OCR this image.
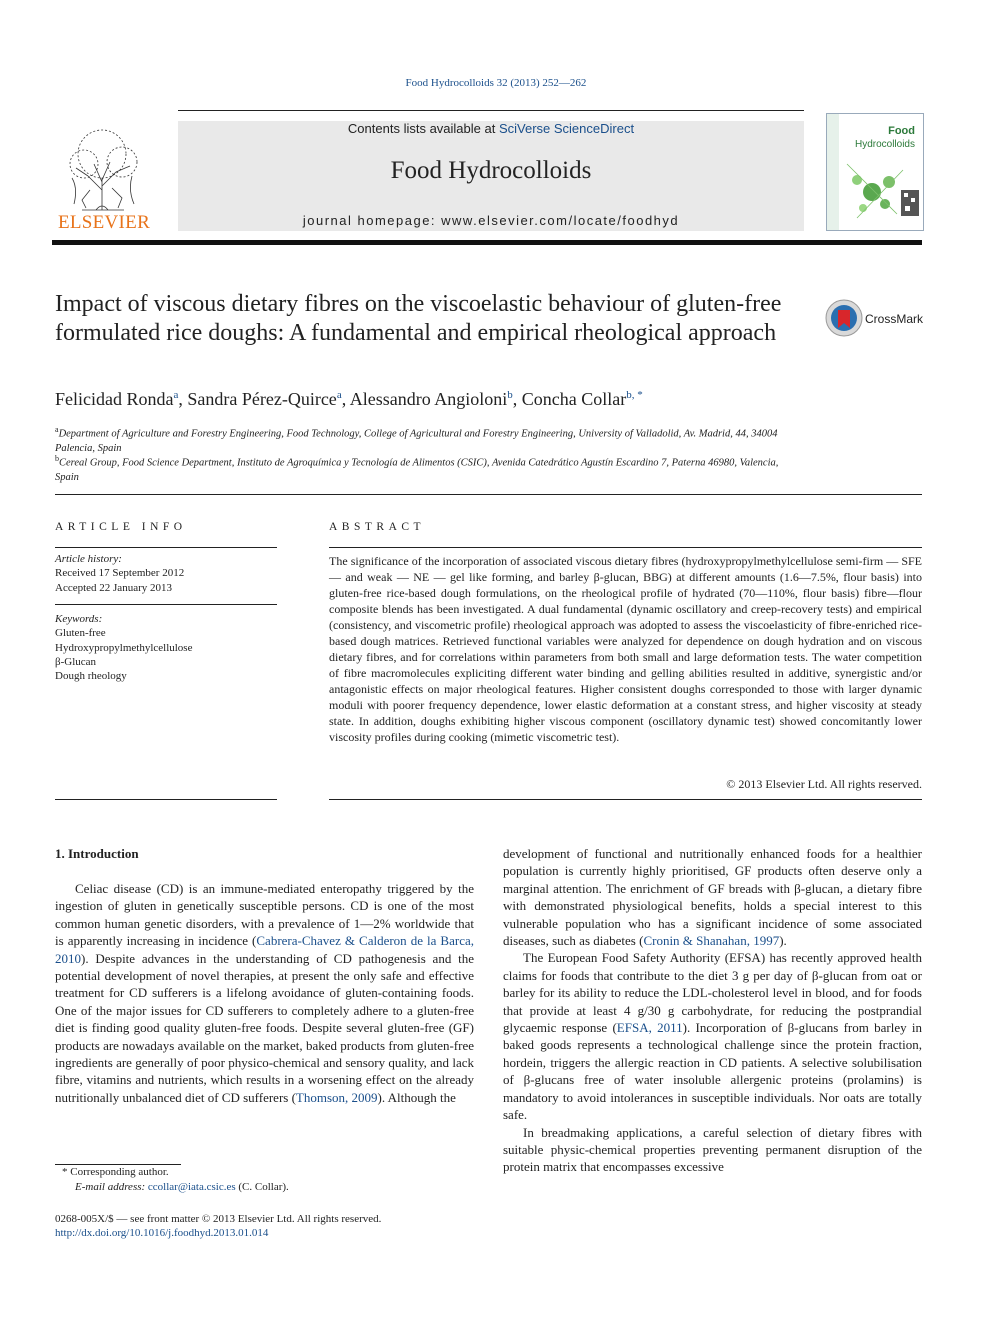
Food Hydrocolloids 32 (2013) 252—262
ELSEVIER
Contents lists available at SciVerse ScienceDirect
Food Hydrocolloids
journal homepage: www.elsevier.com/locate/foodhyd
Food
Hydrocolloids
Impact of viscous dietary fibres on the viscoelastic behaviour of gluten-free formulated rice doughs: A fundamental and empirical rheological approach
CrossMark
Felicidad Ronda$^a$, Sandra Pérez-Quirce$^a$, Alessandro Angioloni$^b$, Concha Collar$^{b, *}$
$^a$Department of Agriculture and Forestry Engineering, Food Technology, College of Agricultural and Forestry Engineering, University of Valladolid, Av. Madrid, 44, 34004 Palencia, Spain
$^b$Cereal Group, Food Science Department, Instituto de Agroquímica y Tecnología de Alimentos (CSIC), Avenida Catedrático Agustín Escardino 7, Paterna 46980, Valencia, Spain
ARTICLE INFO	ABSTRACT
Article history:
Received 17 September 2012
Accepted 22 January 2013
Keywords:
Gluten-free
Hydroxypropylmethylcellulose
β-Glucan
Dough rheology
The significance of the incorporation of associated viscous dietary fibres (hydroxypropylmethylcellulose semi-firm — SFE — and weak — NE — gel like forming, and barley β-glucan, BBG) at different amounts (1.6—7.5%, flour basis) into gluten-free rice-based dough formulations, on the rheological profile of hydrated (70—110%, flour basis) fibre—flour composite blends has been investigated. A dual fundamental (dynamic oscillatory and creep-recovery tests) and empirical (consistency, and viscometric profile) rheological approach was adopted to assess the viscoelasticity of fibre-enriched rice-based dough matrices. Retrieved functional variables were analyzed for dependence on dough hydration and on viscous dietary fibres, and for correlations within parameters from both small and large deformation tests. The water competition of fibre macromolecules expliciting different water binding and gelling abilities resulted in additive, synergistic and/or antagonistic effects on major rheological features. Higher consistent doughs corresponded to those with larger dynamic moduli with poorer frequency dependence, lower elastic deformation at a constant stress, and higher viscosity at steady state. In addition, doughs exhibiting higher viscous component (oscillatory dynamic test) showed concomitantly lower viscosity profiles during cooking (mimetic viscometric test).
© 2013 Elsevier Ltd. All rights reserved.
1. Introduction

Celiac disease (CD) is an immune-mediated enteropathy triggered by the ingestion of gluten in genetically susceptible persons. CD is one of the most common human genetic disorders, with a prevalence of 1—2% worldwide that is apparently increasing in incidence (Cabrera-Chavez & Calderon de la Barca, 2010). Despite advances in the understanding of CD pathogenesis and the potential development of novel therapies, at present the only safe and effective treatment for CD sufferers is a lifelong avoidance of gluten-containing foods. One of the major issues for CD sufferers to completely adhere to a gluten-free diet is finding good quality gluten-free foods. Despite several gluten-free (GF) products are nowadays available on the market, baked products from gluten-free ingredients are generally of poor physico-chemical and sensory quality, and lack fibre, vitamins and nutrients, which results in a worsening effect on the already nutritionally unbalanced diet of CD sufferers (Thomson, 2009). Although the

development of functional and nutritionally enhanced foods for a healthier population is currently highly prioritised, GF products often deserve only a marginal attention. The enrichment of GF breads with β-glucan, a dietary fibre with demonstrated physiological benefits, holds a special interest to this vulnerable population who has a significant incidence of some associated diseases, such as diabetes (Cronin & Shanahan, 1997).

The European Food Safety Authority (EFSA) has recently approved health claims for foods that contribute to the diet 3 g per day of β-glucan from oat or barley for its ability to reduce the LDL-cholesterol level in blood, and for foods that provide at least 4 g/30 g carbohydrate, for reducing the postprandial glycaemic response (EFSA, 2011). Incorporation of β-glucans from barley in baked goods represents a technological challenge since the protein fraction, hordein, triggers the allergic reaction in CD patients. A selective solubilisation of β-glucans free of water insoluble allergenic proteins (prolamins) is mandatory to avoid intolerances in susceptible individuals. Nor oats are totally safe.

In breadmaking applications, a careful selection of dietary fibres with suitable physic-chemical properties preventing permanent disruption of the protein matrix that encompasses excessive

* Corresponding author.
E-mail address: ccollar@iata.csic.es (C. Collar).
0268-005X/$ — see front matter © 2013 Elsevier Ltd. All rights reserved.
http://dx.doi.org/10.1016/j.foodhyd.2013.01.014
